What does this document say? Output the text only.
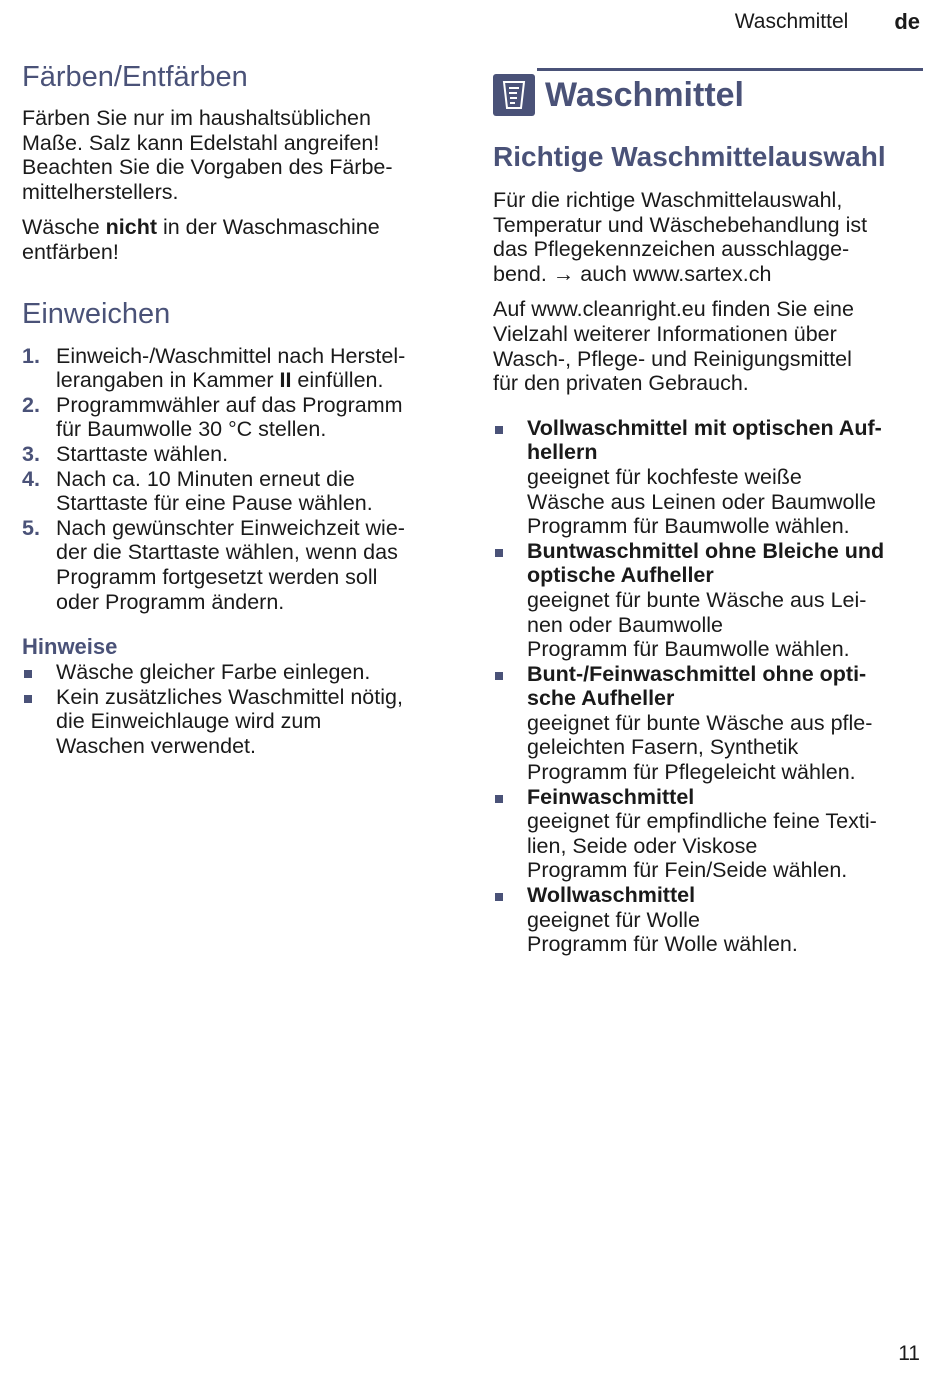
Waschmittel de
Färben/Entfärben

Färben Sie nur im haushaltsüblichen
Maße. Salz kann Edelstahl angreifen!
Beachten Sie die Vorgaben des Färbe-
mittelherstellers.

Wäsche nicht in der Waschmaschine
entfärben!

Einweichen
1. Einweich-/Waschmittel nach Herstel-
lerangaben in Kammer II einfüllen.
2. Programmwähler auf das Programm
für Baumwolle 30 °C stellen.
3. Starttaste wählen.
4. Nach ca. 10 Minuten erneut die
Starttaste für eine Pause wählen.
5. Nach gewünschter Einweichzeit wie-
der die Starttaste wählen, wenn das
Programm fortgesetzt werden soll
oder Programm ändern.
Hinweise
Wäsche gleicher Farbe einlegen.
Kein zusätzliches Waschmittel nötig,
die Einweichlauge wird zum
Waschen verwendet.
Waschmittel
Richtige Waschmittelauswahl

Für die richtige Waschmittelauswahl,
Temperatur und Wäschebehandlung ist
das Pflegekennzeichen ausschlagge-
bend. → auch www.sartex.ch

Auf www.cleanright.eu finden Sie eine
Vielzahl weiterer Informationen über
Wasch-, Pflege- und Reinigungsmittel
für den privaten Gebrauch.

Vollwaschmittel mit optischen Auf-
hellern
geeignet für kochfeste weiße
Wäsche aus Leinen oder Baumwolle
Programm für Baumwolle wählen.
Buntwaschmittel ohne Bleiche und
optische Aufheller
geeignet für bunte Wäsche aus Lei-
nen oder Baumwolle
Programm für Baumwolle wählen.
Bunt-/Feinwaschmittel ohne opti-
sche Aufheller
geeignet für bunte Wäsche aus pfle-
geleichten Fasern, Synthetik
Programm für Pflegeleicht wählen.
Feinwaschmittel
geeignet für empfindliche feine Texti-
lien, Seide oder Viskose
Programm für Fein/Seide wählen.
Wollwaschmittel
geeignet für Wolle
Programm für Wolle wählen.
11
